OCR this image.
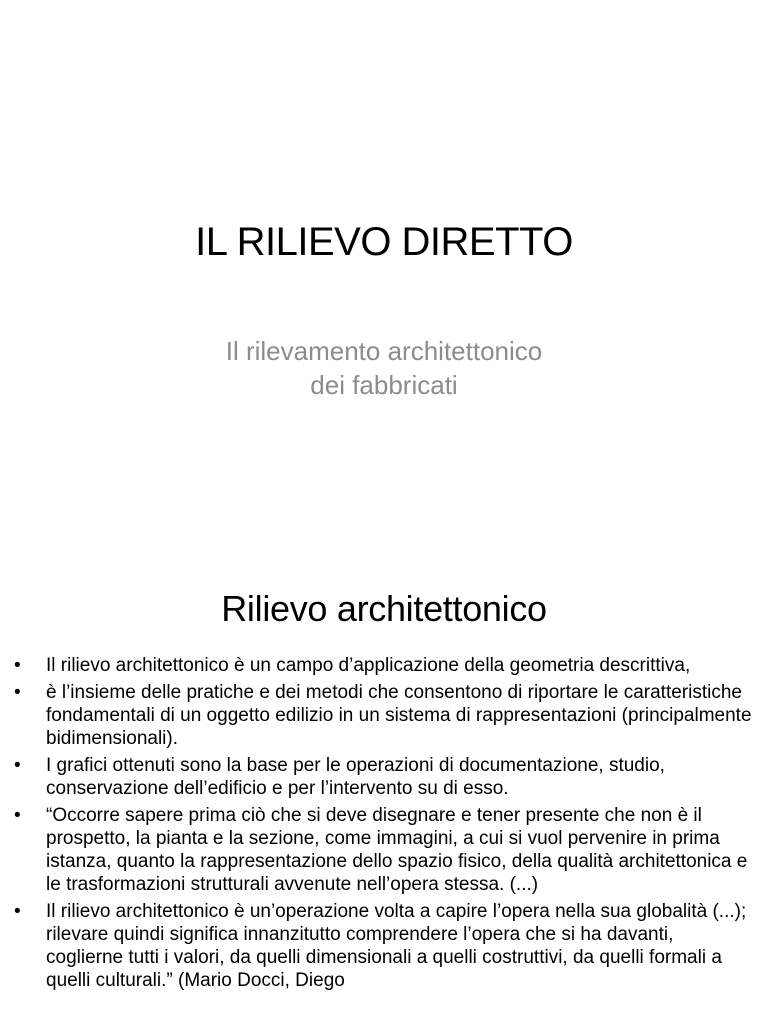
IL RILIEVO DIRETTO
Il rilevamento architettonico
dei fabbricati
Rilievo architettonico
•	Il rilievo architettonico è un campo d’applicazione della geometria descrittiva,
•	è l’insieme delle pratiche e dei metodi che consentono di riportare le caratteristiche fondamentali di un oggetto edilizio in un sistema di rappresentazioni (principalmente bidimensionali).
•	I grafici ottenuti sono la base per le operazioni di documentazione, studio, conservazione dell’edificio e per l’intervento su di esso.
•	“Occorre sapere prima ciò che si deve disegnare e tener presente che non è il prospetto, la pianta e la sezione, come immagini, a cui si vuol pervenire in prima istanza, quanto la rappresentazione dello spazio fisico, della qualità architettonica e le trasformazioni strutturali avvenute nell’opera stessa. (...)
•	Il rilievo architettonico è un’operazione volta a capire l’opera nella sua globalità (...); rilevare quindi significa innanzitutto comprendere l’opera che si ha davanti, coglierne tutti i valori, da quelli dimensionali a quelli costruttivi, da quelli formali a quelli culturali.” (Mario Docci, Diego
